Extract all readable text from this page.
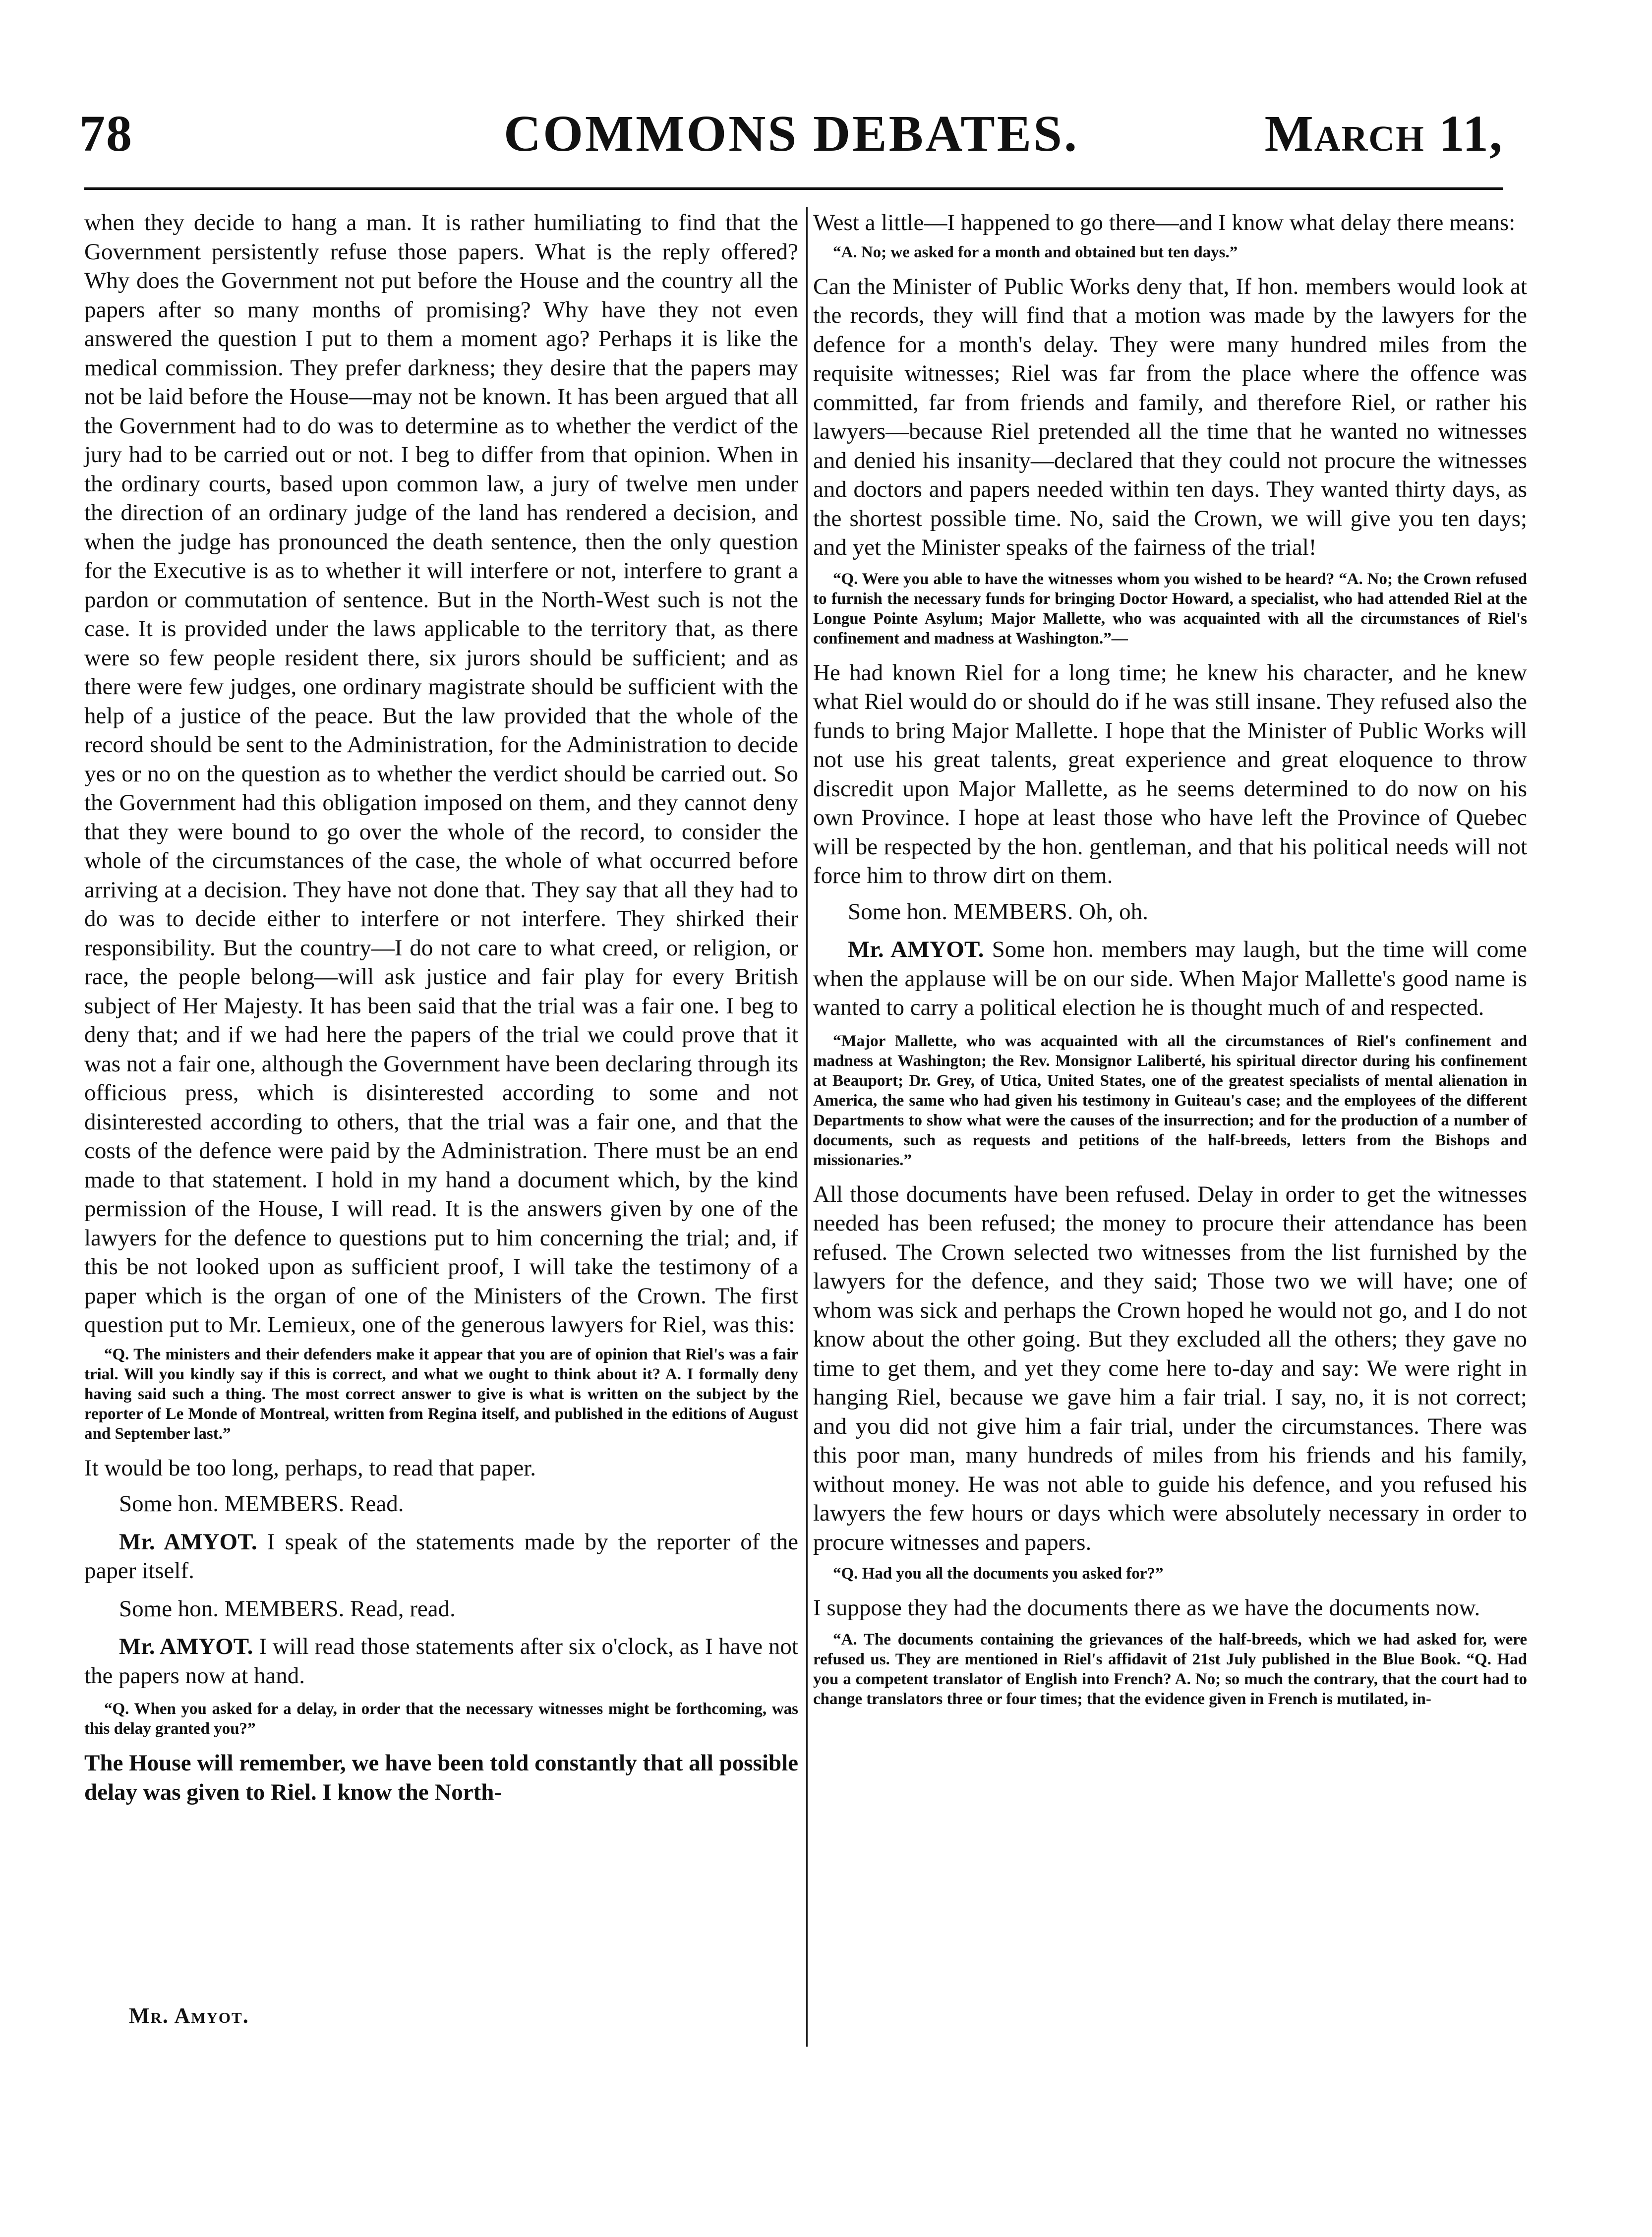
78	COMMONS DEBATES.	March 11,

when they decide to hang a man. It is rather humiliating to find that the Government persistently refuse those papers. What is the reply offered? Why does the Government not put before the House and the country all the papers after so many months of promising? Why have they not even answered the question I put to them a moment ago? Perhaps it is like the medical commission. They prefer darkness; they desire that the papers may not be laid before the House—may not be known. It has been argued that all the Government had to do was to determine as to whether the verdict of the jury had to be carried out or not. I beg to differ from that opinion. When in the ordinary courts, based upon common law, a jury of twelve men under the direction of an ordinary judge of the land has rendered a decision, and when the judge has pronounced the death sentence, then the only question for the Executive is as to whether it will interfere or not, interfere to grant a pardon or commutation of sentence. But in the North-West such is not the case. It is provided under the laws applicable to the territory that, as there were so few people resident there, six jurors should be sufficient; and as there were few judges, one ordinary magistrate should be sufficient with the help of a justice of the peace. But the law provided that the whole of the record should be sent to the Administration, for the Administration to decide yes or no on the question as to whether the verdict should be carried out. So the Government had this obligation imposed on them, and they cannot deny that they were bound to go over the whole of the record, to consider the whole of the circumstances of the case, the whole of what occurred before arriving at a decision. They have not done that. They say that all they had to do was to decide either to interfere or not interfere. They shirked their responsibility. But the country—I do not care to what creed, or religion, or race, the people belong—will ask justice and fair play for every British subject of Her Majesty. It has been said that the trial was a fair one. I beg to deny that; and if we had here the papers of the trial we could prove that it was not a fair one, although the Government have been declaring through its officious press, which is disinterested according to some and not disinterested according to others, that the trial was a fair one, and that the costs of the defence were paid by the Administration. There must be an end made to that statement. I hold in my hand a document which, by the kind permission of the House, I will read. It is the answers given by one of the lawyers for the defence to questions put to him concerning the trial; and, if this be not looked upon as sufficient proof, I will take the testimony of a paper which is the organ of one of the Ministers of the Crown. The first question put to Mr. Lemieux, one of the generous lawyers for Riel, was this:

“Q. The ministers and their defenders make it appear that you are of opinion that Riel's was a fair trial. Will you kindly say if this is correct, and what we ought to think about it? A. I formally deny having said such a thing. The most correct answer to give is what is written on the subject by the reporter of Le Monde of Montreal, written from Regina itself, and published in the editions of August and September last.”

It would be too long, perhaps, to read that paper.

Some hon. MEMBERS. Read.

Mr. AMYOT. I speak of the statements made by the reporter of the paper itself.

Some hon. MEMBERS. Read, read.

Mr. AMYOT. I will read those statements after six o'clock, as I have not the papers now at hand.

“Q. When you asked for a delay, in order that the necessary witnesses might be forthcoming, was this delay granted you?”

The House will remember, we have been told constantly that all possible delay was given to Riel. I know the North-

West a little—I happened to go there—and I know what delay there means:

“A. No; we asked for a month and obtained but ten days.”

Can the Minister of Public Works deny that, If hon. members would look at the records, they will find that a motion was made by the lawyers for the defence for a month's delay. They were many hundred miles from the requisite witnesses; Riel was far from the place where the offence was committed, far from friends and family, and therefore Riel, or rather his lawyers—because Riel pretended all the time that he wanted no witnesses and denied his insanity—declared that they could not procure the witnesses and doctors and papers needed within ten days. They wanted thirty days, as the shortest possible time. No, said the Crown, we will give you ten days; and yet the Minister speaks of the fairness of the trial!

“Q. Were you able to have the witnesses whom you wished to be heard? “A. No; the Crown refused to furnish the necessary funds for bringing Doctor Howard, a specialist, who had attended Riel at the Longue Pointe Asylum; Major Mallette, who was acquainted with all the circumstances of Riel's confinement and madness at Washington.”—

He had known Riel for a long time; he knew his character, and he knew what Riel would do or should do if he was still insane. They refused also the funds to bring Major Mallette. I hope that the Minister of Public Works will not use his great talents, great experience and great eloquence to throw discredit upon Major Mallette, as he seems determined to do now on his own Province. I hope at least those who have left the Province of Quebec will be respected by the hon. gentleman, and that his political needs will not force him to throw dirt on them.

Some hon. MEMBERS. Oh, oh.

Mr. AMYOT. Some hon. members may laugh, but the time will come when the applause will be on our side. When Major Mallette's good name is wanted to carry a political election he is thought much of and respected.

“Major Mallette, who was acquainted with all the circumstances of Riel's confinement and madness at Washington; the Rev. Monsignor Laliberté, his spiritual director during his confinement at Beauport; Dr. Grey, of Utica, United States, one of the greatest specialists of mental alienation in America, the same who had given his testimony in Guiteau's case; and the employees of the different Departments to show what were the causes of the insurrection; and for the production of a number of documents, such as requests and petitions of the half-breeds, letters from the Bishops and missionaries.”

All those documents have been refused. Delay in order to get the witnesses needed has been refused; the money to procure their attendance has been refused. The Crown selected two witnesses from the list furnished by the lawyers for the defence, and they said; Those two we will have; one of whom was sick and perhaps the Crown hoped he would not go, and I do not know about the other going. But they excluded all the others; they gave no time to get them, and yet they come here to-day and say: We were right in hanging Riel, because we gave him a fair trial. I say, no, it is not correct; and you did not give him a fair trial, under the circumstances. There was this poor man, many hundreds of miles from his friends and his family, without money. He was not able to guide his defence, and you refused his lawyers the few hours or days which were absolutely necessary in order to procure witnesses and papers.

“Q. Had you all the documents you asked for?”

I suppose they had the documents there as we have the documents now.

“A. The documents containing the grievances of the half-breeds, which we had asked for, were refused us. They are mentioned in Riel's affidavit of 21st July published in the Blue Book. “Q. Had you a competent translator of English into French? A. No; so much the contrary, that the court had to change translators three or four times; that the evidence given in French is mutilated, in-

Mr. Amyot.
